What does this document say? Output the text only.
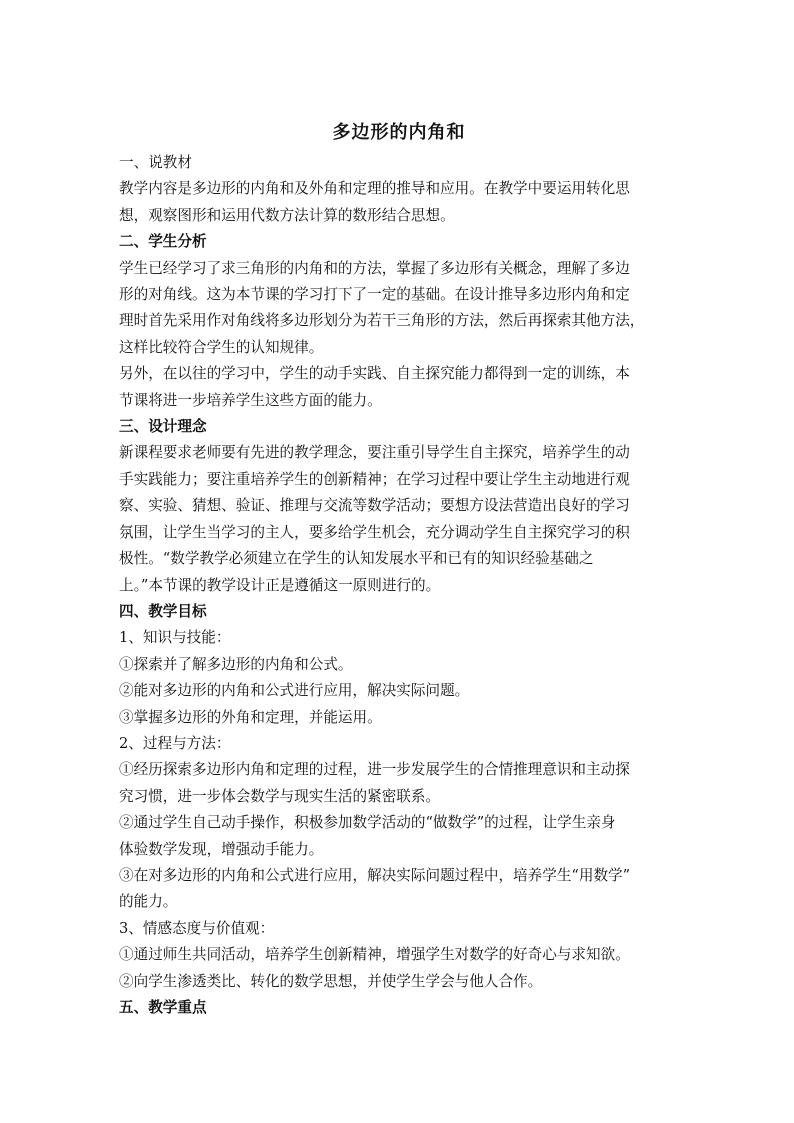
多边形的内角和

一、说教材

教学内容是多边形的内角和及外角和定理的推导和应用。在教学中要运用转化思
想，观察图形和运用代数方法计算的数形结合思想。

二、学生分析

学生已经学习了求三角形的内角和的方法，掌握了多边形有关概念，理解了多边
形的对角线。这为本节课的学习打下了一定的基础。在设计推导多边形内角和定
理时首先采用作对角线将多边形划分为若干三角形的方法，然后再探索其他方法，
这样比较符合学生的认知规律。

另外，在以往的学习中，学生的动手实践、自主探究能力都得到一定的训练，本
节课将进一步培养学生这些方面的能力。

三、设计理念

新课程要求老师要有先进的教学理念，要注重引导学生自主探究，培养学生的动
手实践能力；要注重培养学生的创新精神；在学习过程中要让学生主动地进行观
察、实验、猜想、验证、推理与交流等数学活动；要想方设法营造出良好的学习
氛围，让学生当学习的主人，要多给学生机会，充分调动学生自主探究学习的积
极性。“数学教学必须建立在学生的认知发展水平和已有的知识经验基础之
上。”本节课的教学设计正是遵循这一原则进行的。

四、教学目标

1、知识与技能：

①探索并了解多边形的内角和公式。

②能对多边形的内角和公式进行应用，解决实际问题。

③掌握多边形的外角和定理，并能运用。

2、过程与方法：

①经历探索多边形内角和定理的过程，进一步发展学生的合情推理意识和主动探
究习惯，进一步体会数学与现实生活的紧密联系。

②通过学生自己动手操作，积极参加数学活动的“做数学”的过程，让学生亲身
体验数学发现，增强动手能力。

③在对多边形的内角和公式进行应用，解决实际问题过程中，培养学生“用数学”
的能力。

3、情感态度与价值观：

①通过师生共同活动，培养学生创新精神，增强学生对数学的好奇心与求知欲。

②向学生渗透类比、转化的数学思想，并使学生学会与他人合作。

五、教学重点
